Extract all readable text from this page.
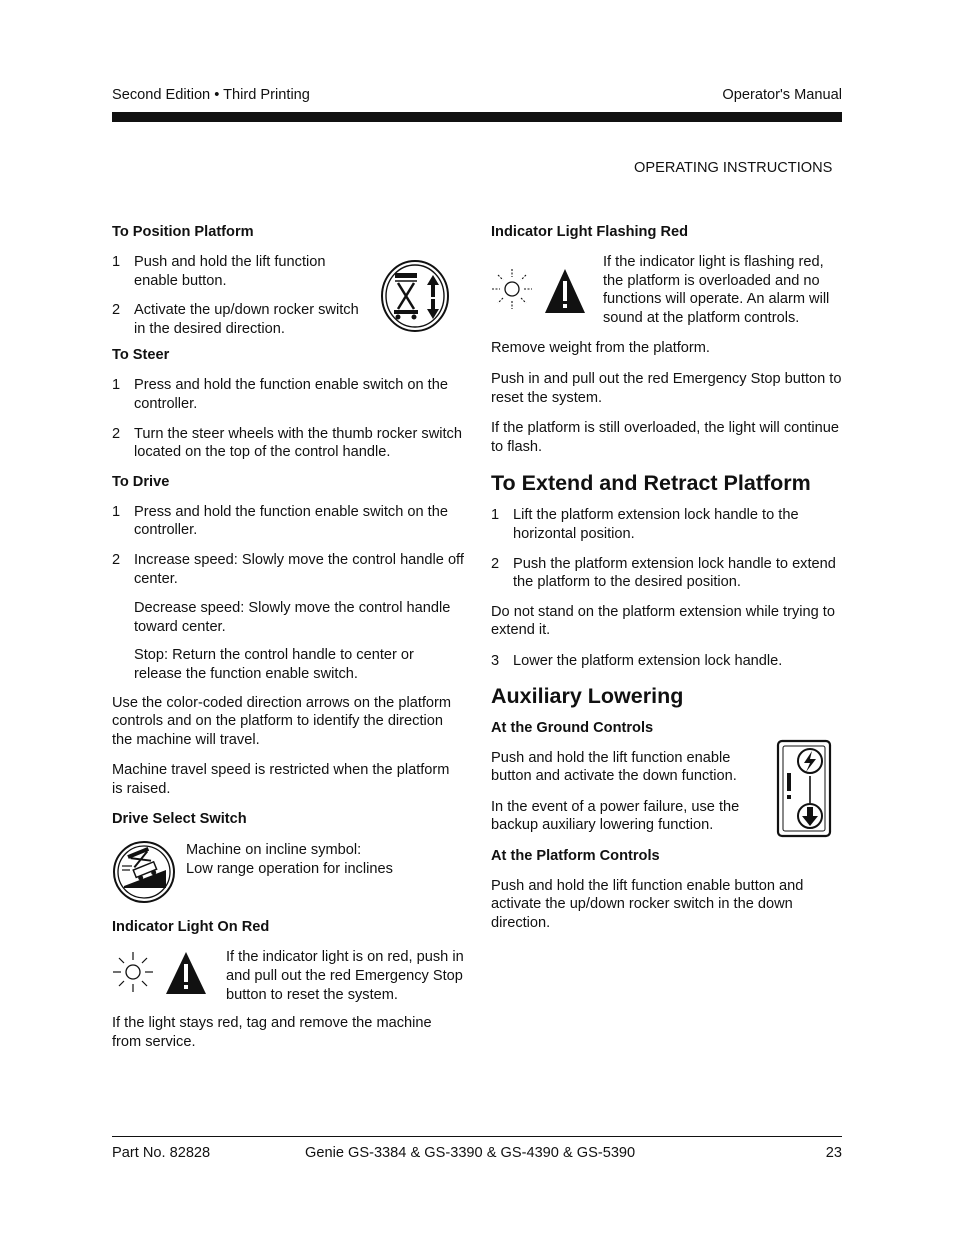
Second Edition • Third Printing	Operator's Manual
OPERATING INSTRUCTIONS
To Position Platform
1 Push and hold the lift function enable button.
2 Activate the up/down rocker switch in the desired direction.
To Steer
1 Press and hold the function enable switch on the controller.
2 Turn the steer wheels with the thumb rocker switch located on the top of the control handle.
To Drive
1 Press and hold the function enable switch on the controller.
2 Increase speed: Slowly move the control handle off center.
Decrease speed: Slowly move the control handle toward center.
Stop: Return the control handle to center or release the function enable switch.

Use the color-coded direction arrows on the platform controls and on the platform to identify the direction the machine will travel.

Machine travel speed is restricted when the platform is raised.

Drive Select Switch
Machine on incline symbol:
Low range operation for inclines
Indicator Light On Red
If the indicator light is on red, push in and pull out the red Emergency Stop button to reset the system.

If the light stays red, tag and remove the machine from service.

Indicator Light Flashing Red
If the indicator light is flashing red, the platform is overloaded and no functions will operate. An alarm will sound at the platform controls.

Remove weight from the platform.

Push in and pull out the red Emergency Stop button to reset the system.

If the platform is still overloaded, the light will continue to flash.

To Extend and Retract Platform
1 Lift the platform extension lock handle to the horizontal position.
2 Push the platform extension lock handle to extend the platform to the desired position.

Do not stand on the platform extension while trying to extend it.

3 Lower the platform extension lock handle.
Auxiliary Lowering
At the Ground Controls

Push and hold the lift function enable button and activate the down function.

In the event of a power failure, use the backup auxiliary lowering function.

At the Platform Controls

Push and hold the lift function enable button and activate the up/down rocker switch in the down direction.

Part No. 82828	Genie GS-3384 & GS-3390 & GS-4390 & GS-5390	23
